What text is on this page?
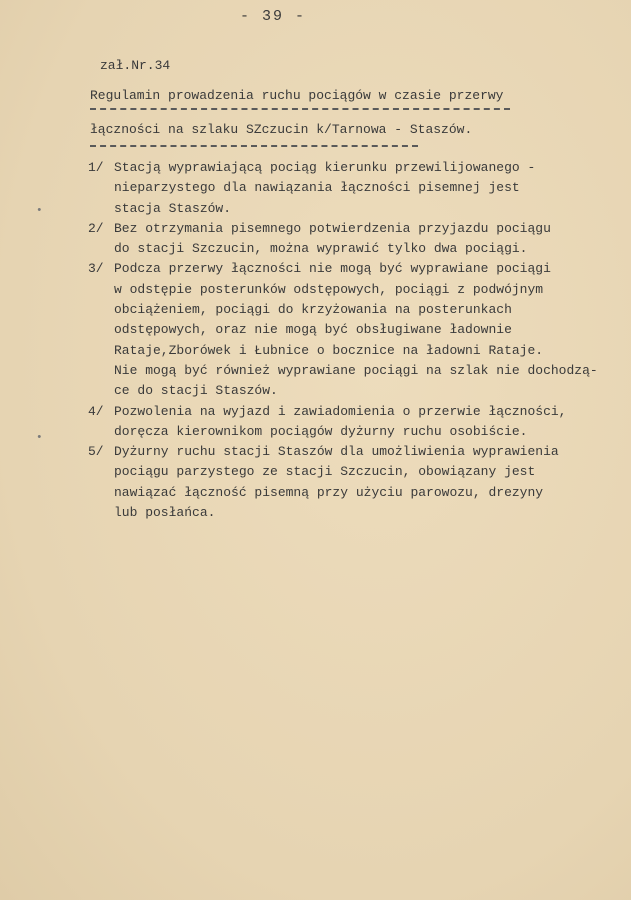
- 39 -
zał.Nr.34
Regulamin prowadzenia ruchu pociągów w czasie przerwy
łączności na szlaku SZczucin k/Tarnowa - Staszów.
1/ Stacją wyprawiającą pociąg kierunku przewilijowanego -
nieparzystego dla nawiązania łączności pisemnej jest
stacja Staszów.
2/ Bez otrzymania pisemnego potwierdzenia przyjazdu pociągu
do stacji Szczucin, można wyprawić tylko dwa pociągi.
3/ Podcza przerwy łączności nie mogą być wyprawiane pociągi
w odstępie posterunków odstępowych, pociągi z podwójnym
obciążeniem, pociągi do krzyżowania na posterunkach
odstępowych, oraz nie mogą być obsługiwane ładownie
Rataje,Zborówek i Łubnice o bocznice na ładowni Rataje.
Nie mogą być również wyprawiane pociągi na szlak nie dochodzą-
ce do stacji Staszów.
4/ Pozwolenia na wyjazd i zawiadomienia o przerwie łączności,
doręcza kierownikom pociągów dyżurny ruchu osobiście.
5/ Dyżurny ruchu stacji Staszów dla umożliwienia wyprawienia
pociągu parzystego ze stacji Szczucin, obowiązany jest
nawiązać łączność pisemną przy użyciu parowozu, drezyny
lub posłańca.
•
•
